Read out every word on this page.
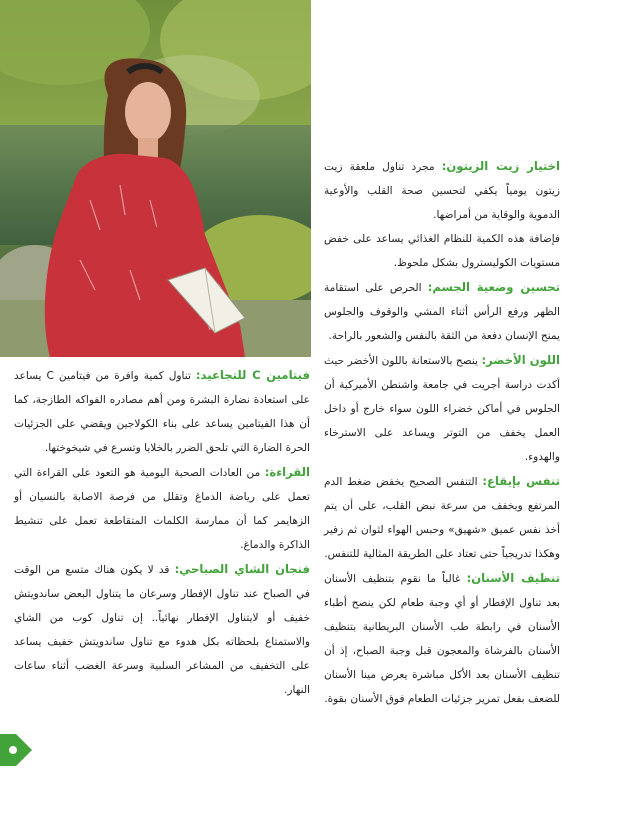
اختيار زيت الزيتون: مجرد تناول ملعقة زيت زيتون يومياً يكفي لتحسين صحة القلب والأوعية الدموية والوقاية من أمراضها.

فإضافة هذه الكمية للنظام الغذائي يساعد على خفض مستويات الكوليسترول بشكل ملحوظ.

تحسين وضعية الجسم: الحرص على استقامة الظهر ورفع الرأس أثناء المشي والوقوف والجلوس يمنح الإنسان دفعة من الثقة بالنفس والشعور بالراحة.

اللون الأخضر: ينصح بالاستعانة باللون الأخضر حيث أكدت دراسة أجريت في جامعة واشنطن الأميركية أن الجلوس في أماكن خضراء اللون سواء خارج أو داخل العمل يخفف من التوتر ويساعد على الاسترخاء والهدوء.

تنفس بإيقاع: التنفس الصحيح يخفض ضغط الدم المرتفع ويخفف من سرعة نبض القلب، على أن يتم أخذ نفس عميق «شهيق» وحبس الهواء لثوان ثم زفير وهكذا تدريجياً حتى تعتاد على الطريقة المثالية للتنفس.

تنظيف الأسنان: غالباً ما نقوم بتنظيف الأسنان بعد تناول الإفطار أو أي وجبة طعام لكن ينصح أطباء الأسنان في رابطة طب الأسنان البريطانية بتنظيف الأسنان بالفرشاة والمعجون قبل وجبة الصباح، إذ أن تنظيف الأسنان بعد الأكل مباشرة يعرض مينا الأسنان للضعف بفعل تمرير جزئيات الطعام فوق الأسنان بقوة.

فيتامين C للتجاعيد: تناول كمية وافرة من فيتامين C يساعد على استعادة نضارة البشرة ومن أهم مصادره الفواكه الطازجة، كما أن هذا الفيتامين يساعد على بناء الكولاجين ويقضي على الجزئيات الحرة الضارة التي تلحق الضرر بالخلايا وتسرع في شيخوختها.

القراءة: من العادات الصحية اليومية هو التعود على القراءة التي تعمل على رياضة الدماغ وتقلل من فرصة الاصابة بالنسيان أو الزهايمر كما أن ممارسة الكلمات المتقاطعة تعمل على تنشيط الذاكرة والدماغ.

فنجان الشاي الصباحي: قد لا يكون هناك متسع من الوقت في الصباح عند تناول الإفطار وسرعان ما يتناول البعض ساندويتش خفيف أو لايتناول الإفطار نهائياً.. إن تناول كوب من الشاي والاستمتاع بلحظاته بكل هدوء مع تناول ساندويتش خفيف يساعد على التخفيف من المشاعر السلبية وسرعة الغضب أثناء ساعات النهار.
